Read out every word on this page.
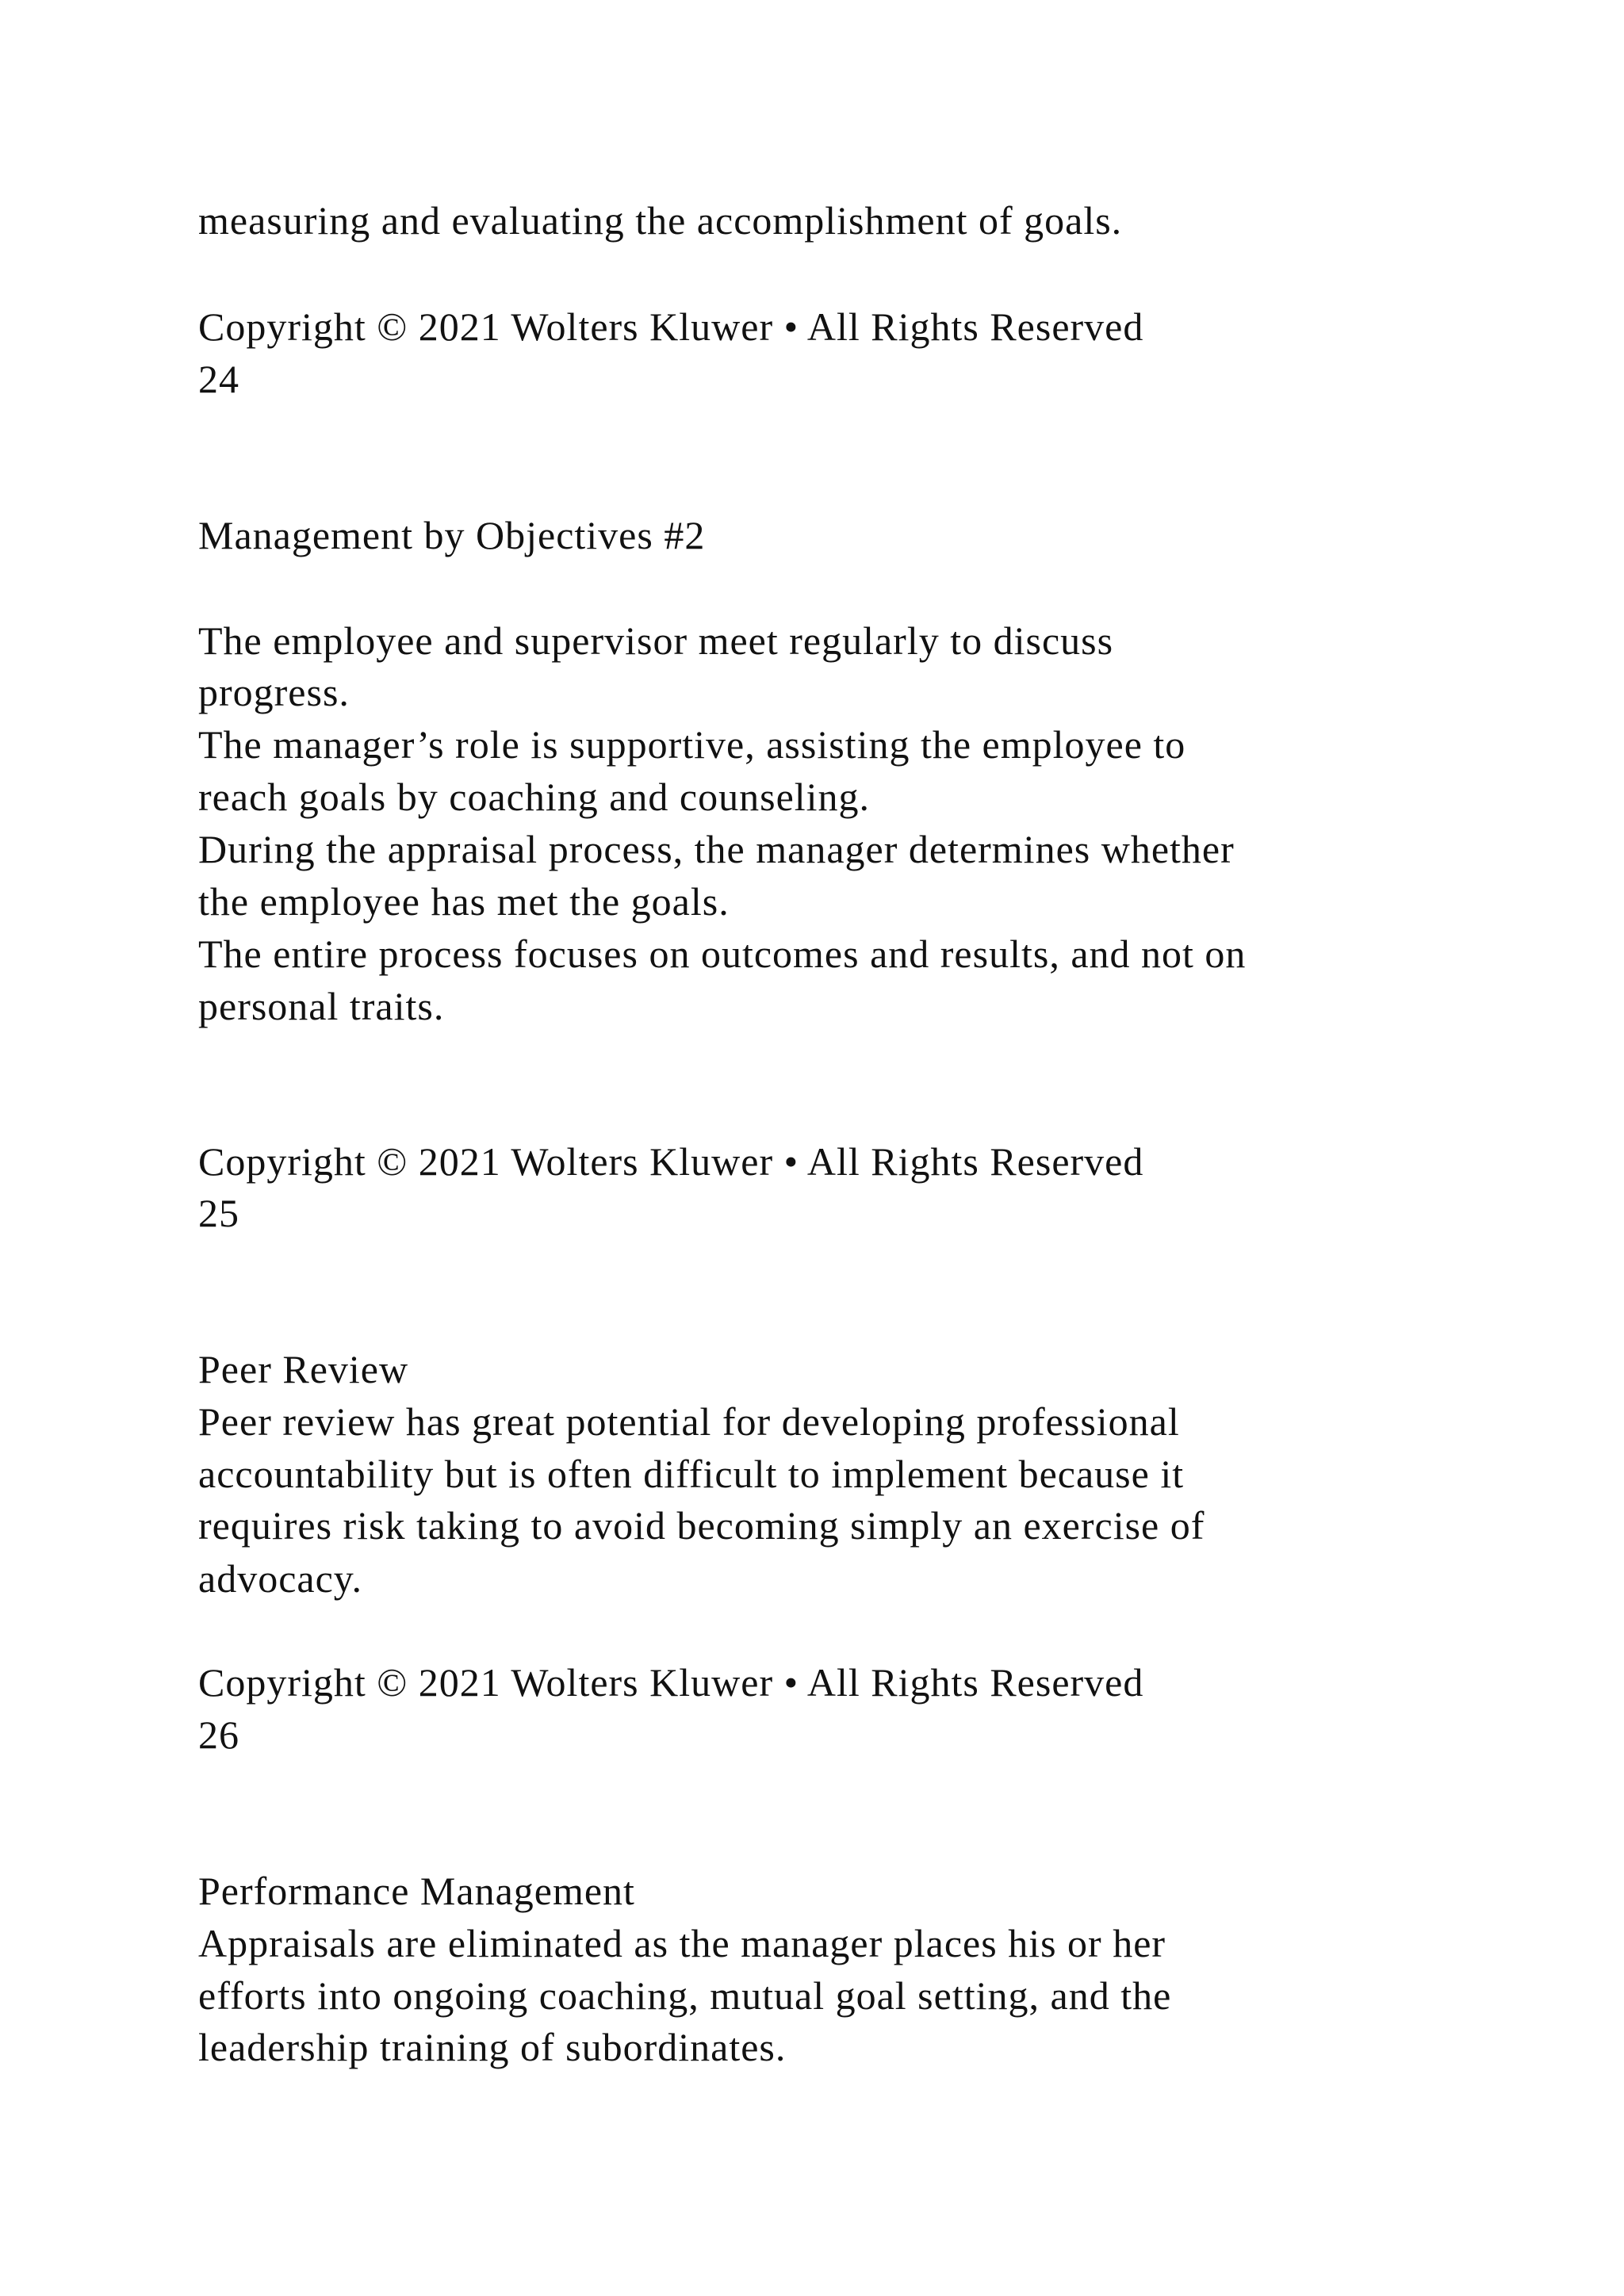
measuring and evaluating the accomplishment of goals.
Copyright © 2021 Wolters Kluwer • All Rights Reserved
24
Management by Objectives #2
The employee and supervisor meet regularly to discuss
progress.
The manager’s role is supportive, assisting the employee to
reach goals by coaching and counseling.
During the appraisal process, the manager determines whether
the employee has met the goals.
The entire process focuses on outcomes and results, and not on
personal traits.
Copyright © 2021 Wolters Kluwer • All Rights Reserved
25
Peer Review
Peer review has great potential for developing professional
accountability but is often difficult to implement because it
requires risk taking to avoid becoming simply an exercise of
advocacy.
Copyright © 2021 Wolters Kluwer • All Rights Reserved
26
Performance Management
Appraisals are eliminated as the manager places his or her
efforts into ongoing coaching, mutual goal setting, and the
leadership training of subordinates.
